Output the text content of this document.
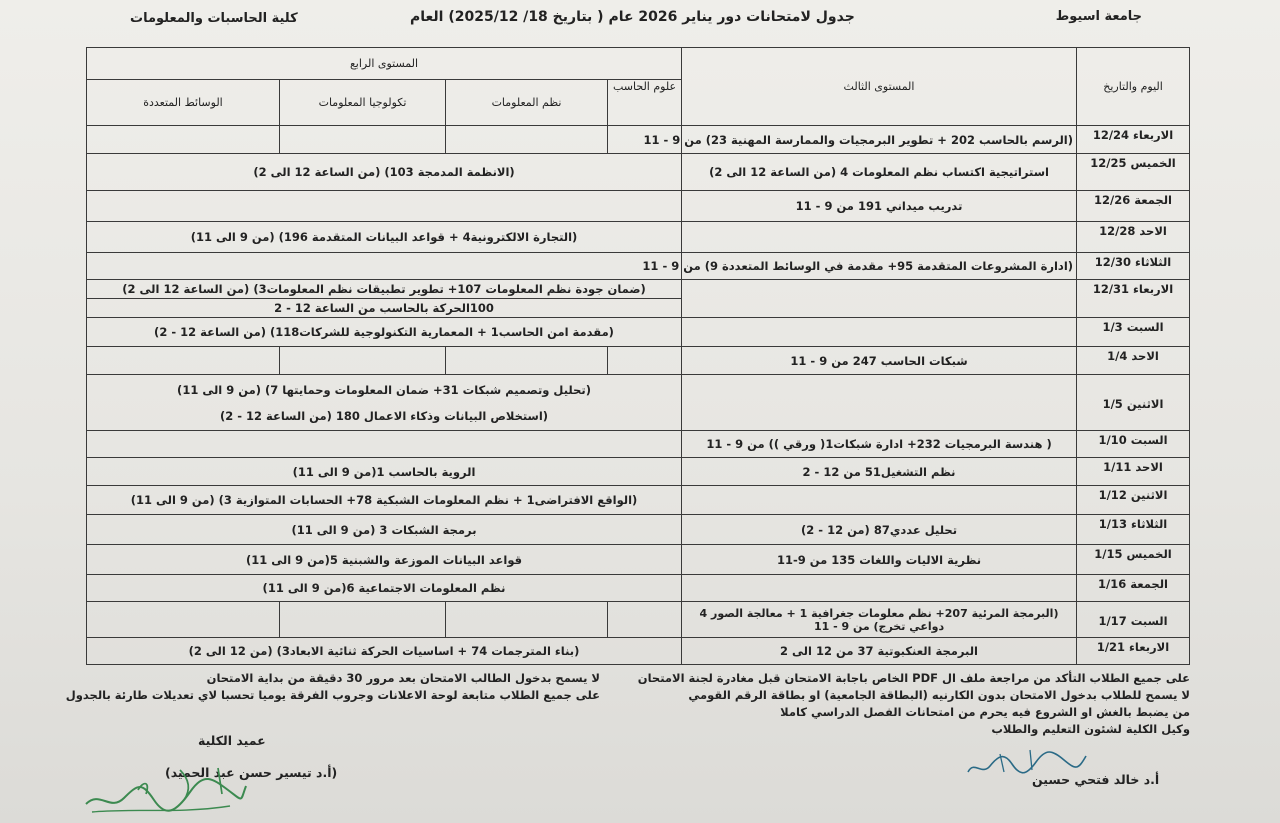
جامعة اسيوط
جدول لامتحانات دور يناير 2026 عام ( بتاريخ 18/ 2025/12) العام
كلية الحاسبات والمعلومات
اليوم والتاريخ	المستوى الثالث	المستوى الرابع			
		علوم الحاسب	نظم المعلومات	تكولوجيا المعلومات	الوسائط المتعددة
الاربعاء 12/24	(الرسم بالحاسب 202 + تطوير البرمجيات والممارسة المهنية 23) من 9 - 11				
الخميس 12/25	استراتيجية اكتساب نظم المعلومات 4 (من الساعة 12 الى 2)	(الانظمة المدمجة 103) (من الساعة 12 الى 2)			
الجمعة 12/26	تدريب ميداني 191 من 9 - 11				
الاحد 12/28		(التجارة الالكترونية4 + قواعد البيانات المتقدمة 196) (من 9 الى 11)			
الثلاثاء 12/30	(ادارة المشروعات المتقدمة 95+ مقدمة في الوسائط المتعددة 9) من 9 - 11				
الاربعاء 12/31		(ضمان جودة نظم المعلومات 107+ تطوير تطبيقات نظم المعلومات3) (من الساعة 12 الى 2)
100الحركة بالحاسب من الساعة 12 - 2			

السبت 1/3		(مقدمة امن الحاسب1 + المعمارية التكنولوجية للشركات118) (من الساعة 12 - 2)			
الاحد 1/4	شبكات الحاسب 247 من 9 - 11				
الاثنين 1/5		(تحليل وتصميم شبكات 31+ ضمان المعلومات وحمايتها 7) (من 9 الى 11)
(استخلاص البيانات وذكاء الاعمال 180 (من الساعة 12 - 2)			

السبت 1/10	( هندسة البرمجيات 232+ ادارة شبكات1( ورقي )) من 9 - 11				
الاحد 1/11	نظم التشغيل51 من 12 - 2	الروية بالحاسب 1(من 9 الى 11)			
الاثنين 1/12		(الواقع الافتراضى1 + نظم المعلومات الشبكية 78+ الحسابات المتوازية 3) (من 9 الى 11)			
الثلاثاء 1/13	تحليل عددي87 (من 12 - 2)	برمجة الشبكات 3 (من 9 الى 11)			
الخميس 1/15	نظرية الاليات واللغات 135 من 9-11	قواعد البيانات الموزعة والشبنية 5(من 9 الى 11)			
الجمعة 1/16		نظم المعلومات الاجتماعية 6(من 9 الى 11)			
السبت 1/17	(البرمجة المرئية 207+ نظم معلومات جغرافية 1 + معالجة الصور 4 دواعي تخرج) من 9 - 11				
الاربعاء 1/21	البرمجة العنكبوتية 37 من 12 الى 2	(بناء المترجمات 74 + اساسيات الحركة ثنائية الابعاد3) (من 12 الى 2)			
على جميع الطلاب التأكد من مراجعة ملف ال PDF الخاص باجابة الامتحان قبل مغادرة لجنة الامتحان
لا يسمح للطلاب بدخول الامتحان بدون الكارنيه (البطاقة الجامعية) او بطاقة الرقم القومي
من يضبط بالغش او الشروع فيه يحرم من امتحانات الفصل الدراسي كاملا
وكيل الكلية لشئون التعليم والطلاب
لا يسمح بدخول الطالب الامتحان بعد مرور 30 دقيقة من بداية الامتحان
على جميع الطلاب متابعة لوحة الاعلانات وجروب الفرقة يوميا تحسبا لاي تعديلات طارئة بالجدول
عميد الكلية
(أ.د تيسير حسن عبد الحميد)	أ.د خالد فتحي حسين
